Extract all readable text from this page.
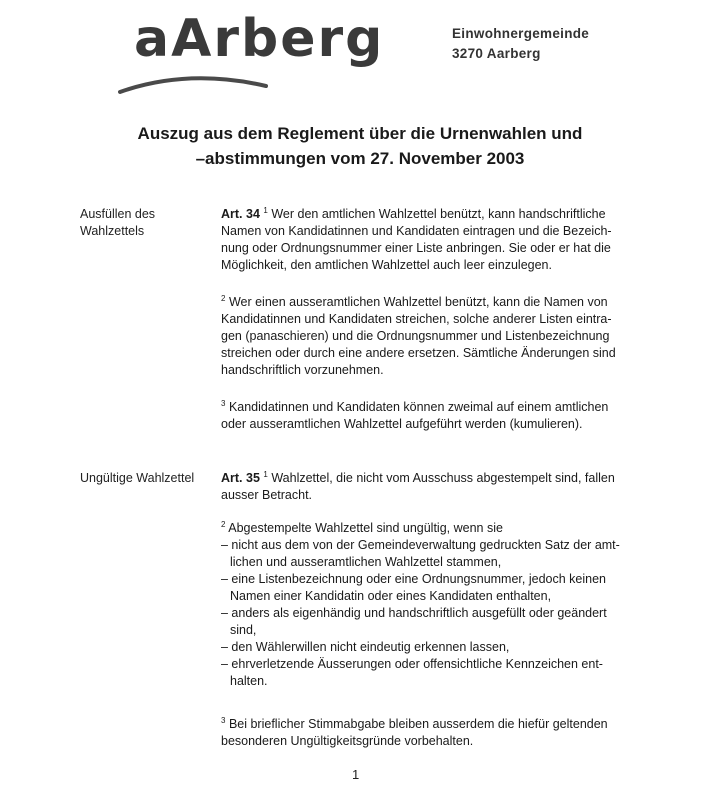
aArberg	Einwohnergemeinde
3270 Aarberg
Auszug aus dem Reglement über die Urnenwahlen und
–abstimmungen vom 27. November 2003
Ausfüllen des
Wahlzettels
Art. 34 $^1$ Wer den amtlichen Wahlzettel benützt, kann handschriftliche
Namen von Kandidatinnen und Kandidaten eintragen und die Bezeich-
nung oder Ordnungsnummer einer Liste anbringen. Sie oder er hat die
Möglichkeit, den amtlichen Wahlzettel auch leer einzulegen.
$^2$ Wer einen ausseramtlichen Wahlzettel benützt, kann die Namen von
Kandidatinnen und Kandidaten streichen, solche anderer Listen eintra-
gen (panaschieren) und die Ordnungsnummer und Listenbezeichnung
streichen oder durch eine andere ersetzen. Sämtliche Änderungen sind
handschriftlich vorzunehmen.
$^3$ Kandidatinnen und Kandidaten können zweimal auf einem amtlichen
oder ausseramtlichen Wahlzettel aufgeführt werden (kumulieren).
Ungültige Wahlzettel Art. 35 $^1$ Wahlzettel, die nicht vom Ausschuss abgestempelt sind, fallen
ausser Betracht.
$^2$ Abgestempelte Wahlzettel sind ungültig, wenn sie
– nicht aus dem von der Gemeindeverwaltung gedruckten Satz der amt-
lichen und ausseramtlichen Wahlzettel stammen,
– eine Listenbezeichnung oder eine Ordnungsnummer, jedoch keinen
Namen einer Kandidatin oder eines Kandidaten enthalten,
– anders als eigenhändig und handschriftlich ausgefüllt oder geändert
sind,
– den Wählerwillen nicht eindeutig erkennen lassen,
– ehrverletzende Äusserungen oder offensichtliche Kennzeichen ent-
halten.
$^3$ Bei brieflicher Stimmabgabe bleiben ausserdem die hiefür geltenden
besonderen Ungültigkeitsgründe vorbehalten.
1
